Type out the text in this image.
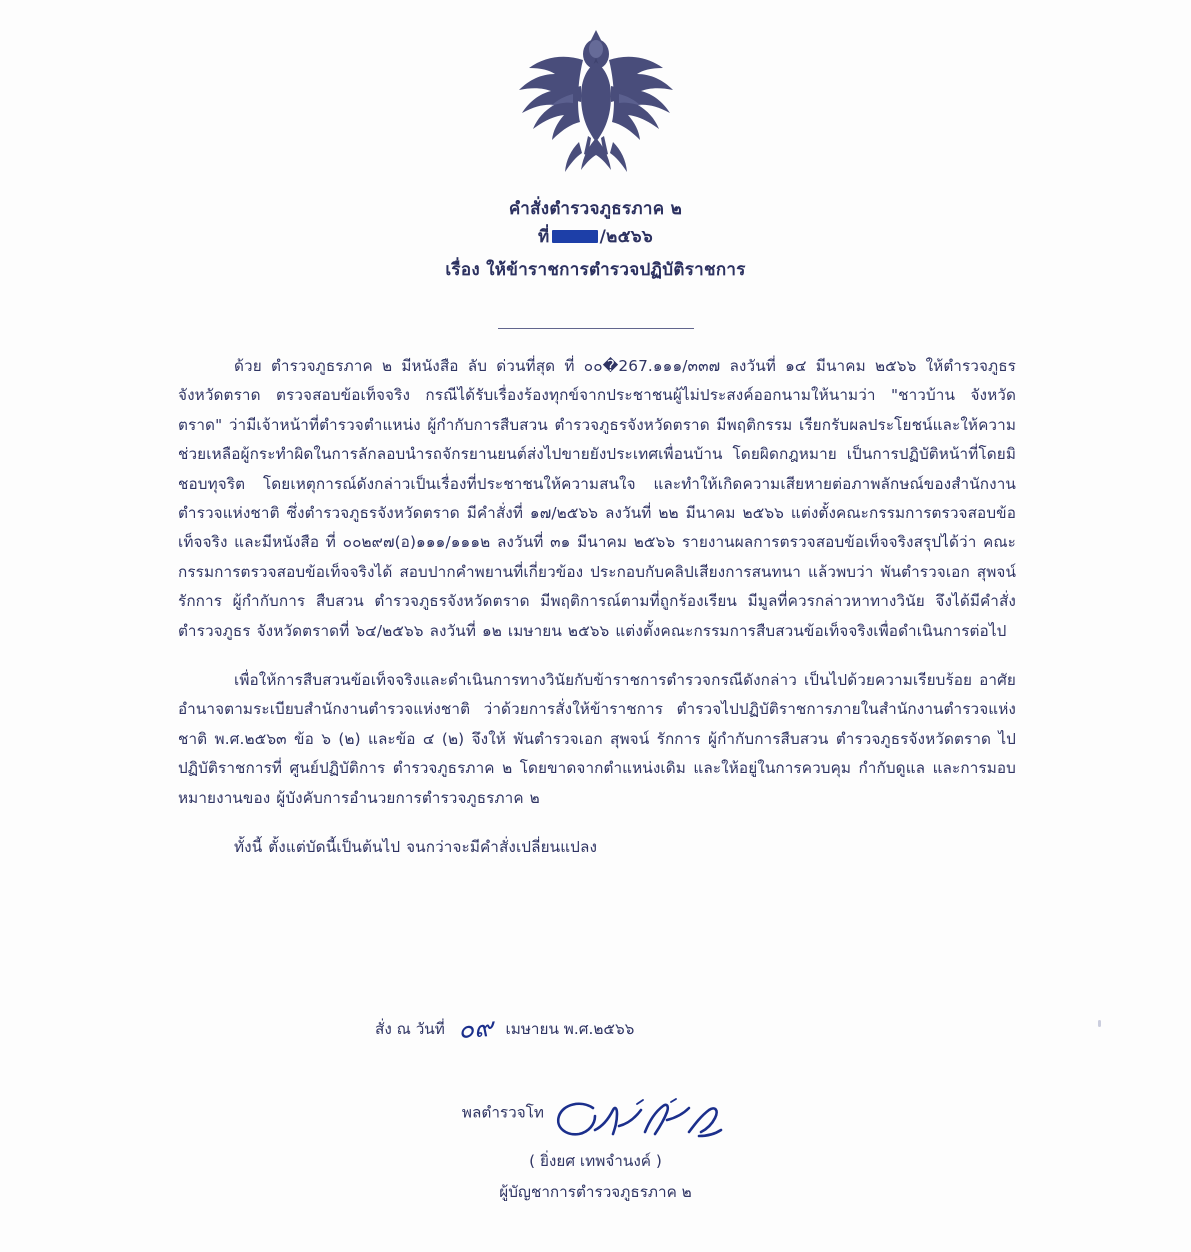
คำสั่งตำรวจภูธรภาค ๒
ที่	/๒๕๖๖
เรื่อง ให้ข้าราชการตำรวจปฏิบัติราชการ

ด้วย ตำรวจภูธรภาค ๒ มีหนังสือ ลับ ด่วนที่สุด ที่ ๐๐�267.๑๑๑/๓๓๗ ลงวันที่ ๑๔ มีนาคม ๒๕๖๖ ให้ตำรวจภูธรจังหวัดตราด ตรวจสอบข้อเท็จจริง กรณีได้รับเรื่องร้องทุกข์จากประชาชนผู้ไม่ประสงค์ออกนามให้นามว่า "ชาวบ้าน จังหวัดตราด" ว่ามีเจ้าหน้าที่ตำรวจตำแหน่ง ผู้กำกับการสืบสวน ตำรวจภูธรจังหวัดตราด มีพฤติกรรม เรียกรับผลประโยชน์และให้ความช่วยเหลือผู้กระทำผิดในการลักลอบนำรถจักรยานยนต์ส่งไปขายยังประเทศเพื่อนบ้าน โดยผิดกฎหมาย เป็นการปฏิบัติหน้าที่โดยมิชอบทุจริต โดยเหตุการณ์ดังกล่าวเป็นเรื่องที่ประชาชนให้ความสนใจ และทำให้เกิดความเสียหายต่อภาพลักษณ์ของสำนักงานตำรวจแห่งชาติ ซึ่งตำรวจภูธรจังหวัดตราด มีคำสั่งที่ ๑๗/๒๕๖๖ ลงวันที่ ๒๒ มีนาคม ๒๕๖๖ แต่งตั้งคณะกรรมการตรวจสอบข้อเท็จจริง และมีหนังสือ ที่ ๐๐๒๙๗(อ)๑๑๑/๑๑๑๒ ลงวันที่ ๓๑ มีนาคม ๒๕๖๖ รายงานผลการตรวจสอบข้อเท็จจริงสรุปได้ว่า คณะกรรมการตรวจสอบข้อเท็จจริงได้ สอบปากคำพยานที่เกี่ยวข้อง ประกอบกับคลิปเสียงการสนทนา แล้วพบว่า พันตำรวจเอก สุพจน์ รักการ ผู้กำกับการ สืบสวน ตำรวจภูธรจังหวัดตราด มีพฤติการณ์ตามที่ถูกร้องเรียน มีมูลที่ควรกล่าวหาทางวินัย จึงได้มีคำสั่งตำรวจภูธร จังหวัดตราดที่ ๖๔/๒๕๖๖ ลงวันที่ ๑๒ เมษายน ๒๕๖๖ แต่งตั้งคณะกรรมการสืบสวนข้อเท็จจริงเพื่อดำเนินการต่อไป

เพื่อให้การสืบสวนข้อเท็จจริงและดำเนินการทางวินัยกับข้าราชการตำรวจกรณีดังกล่าว เป็นไปด้วยความเรียบร้อย อาศัยอำนาจตามระเบียบสำนักงานตำรวจแห่งชาติ ว่าด้วยการสั่งให้ข้าราชการ ตำรวจไปปฏิบัติราชการภายในสำนักงานตำรวจแห่งชาติ พ.ศ.๒๕๖๓ ข้อ ๖ (๒) และข้อ ๔ (๒) จึงให้ พันตำรวจเอก สุพจน์ รักการ ผู้กำกับการสืบสวน ตำรวจภูธรจังหวัดตราด ไปปฏิบัติราชการที่ ศูนย์ปฏิบัติการ ตำรวจภูธรภาค ๒ โดยขาดจากตำแหน่งเดิม และให้อยู่ในการควบคุม กำกับดูแล และการมอบหมายงานของ ผู้บังคับการอำนวยการตำรวจภูธรภาค ๒

ทั้งนี้ ตั้งแต่บัดนี้เป็นต้นไป จนกว่าจะมีคำสั่งเปลี่ยนแปลง

สั่ง ณ วันที่ ๐๙ เมษายน พ.ศ.๒๕๖๖
พลตำรวจโท
( ยิ่งยศ เทพจำนงค์ )
ผู้บัญชาการตำรวจภูธรภาค ๒
